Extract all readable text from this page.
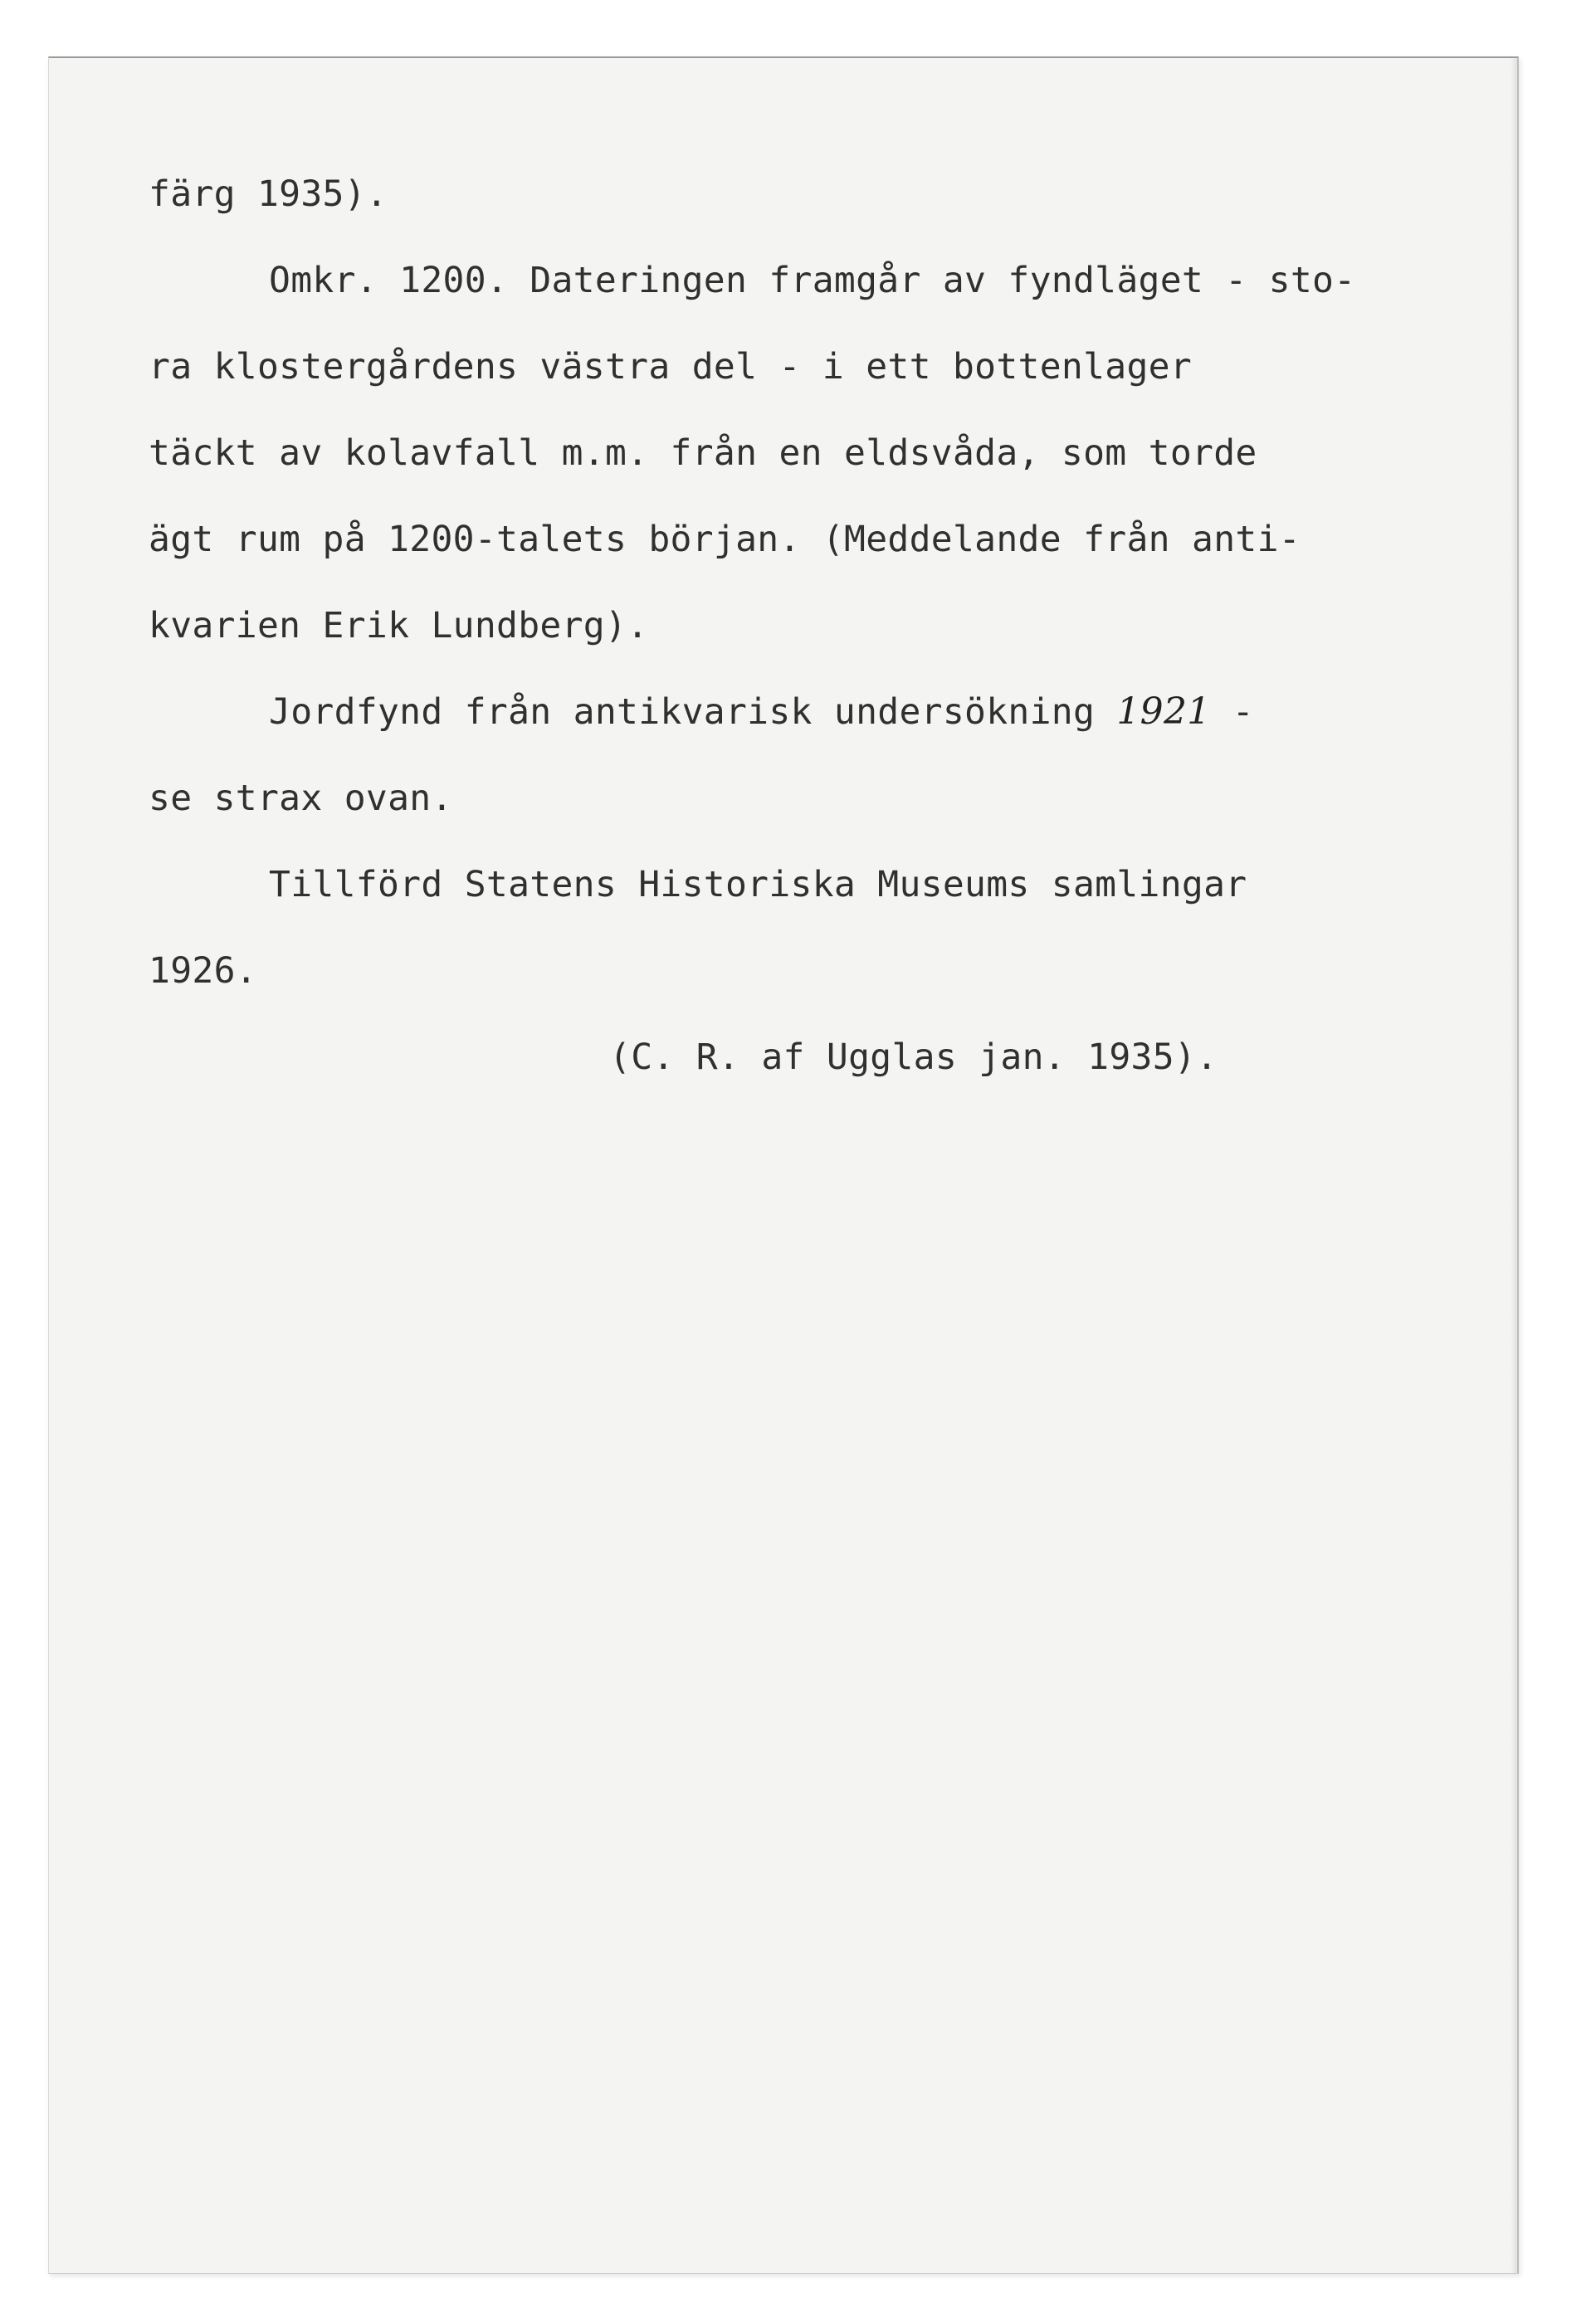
färg 1935).
Omkr. 1200. Dateringen framgår av fyndläget - sto-
ra klostergårdens västra del - i ett bottenlager
täckt av kolavfall m.m. från en eldsvåda, som torde
ägt rum på 1200-talets början. (Meddelande från anti-
kvarien Erik Lundberg).
Jordfynd från antikvarisk undersökning 1921 -
se strax ovan.
Tillförd Statens Historiska Museums samlingar
1926.
(C. R. af Ugglas jan. 1935).
